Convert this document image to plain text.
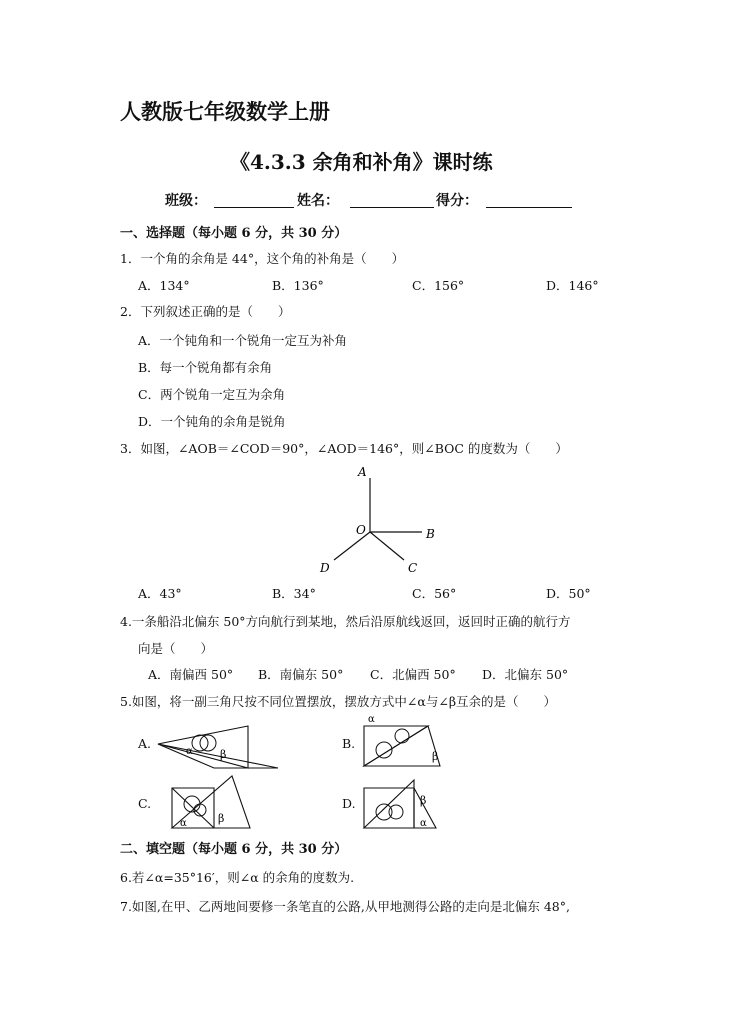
人教版七年级数学上册
《4.3.3 余角和补角》课时练
班级：	姓名：	得分：
一、选择题（每小题 6 分，共 30 分）
1．一个角的余角是 44°，这个角的补角是（　　）
A．134°	B．136°	C．156°	D．146°
2．下列叙述正确的是（　　）
A．一个钝角和一个锐角一定互为补角
B．每一个锐角都有余角
C．两个锐角一定互为余角
D．一个钝角的余角是锐角
3．如图，∠AOB＝∠COD＝90°，∠AOD＝146°，则∠BOC 的度数为（　　）
A
B
C
D
O
A．43°	B．34°	C．56°	D．50°
4.一条船沿北偏东 50°方向航行到某地，然后沿原航线返回，返回时正确的航行方
向是（　　）
A．南偏西 50° B．南偏东 50° C．北偏西 50° D．北偏东 50°
5.如图，将一副三角尺按不同位置摆放，摆放方式中∠α与∠β互余的是（　　）
A.
α β
B.
α
β
C.
α	β
D.
α
β
二、填空题（每小题 6 分，共 30 分）
6.若∠α=35°16′，则∠α 的余角的度数为.
7.如图,在甲、乙两地间要修一条笔直的公路,从甲地测得公路的走向是北偏东 48°,
